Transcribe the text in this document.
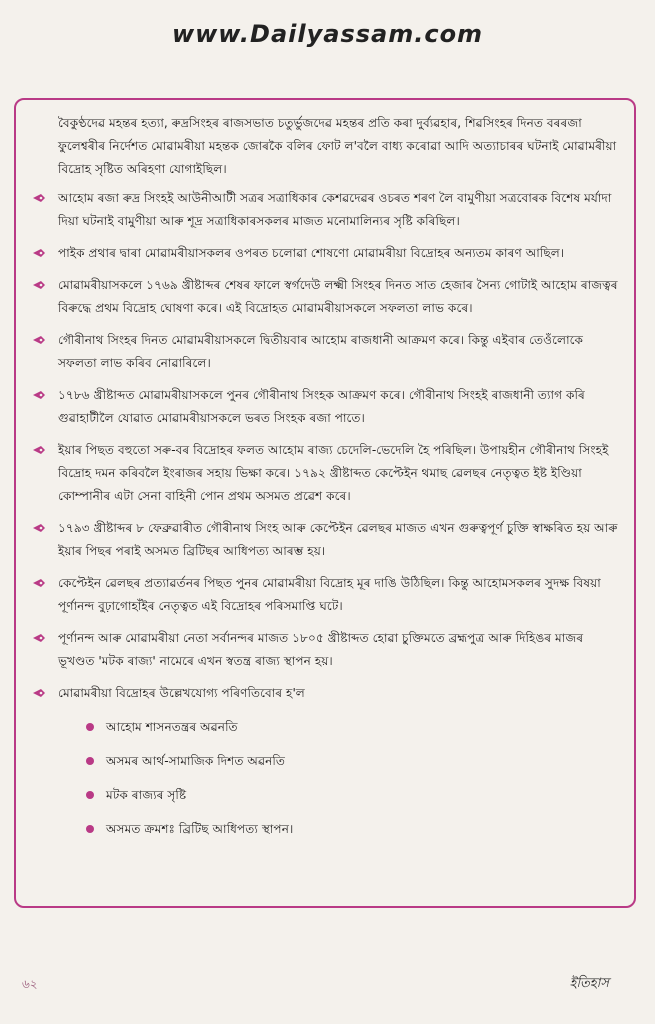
www.Dailyassam.com

বৈকুণ্ঠদেৱ মহন্তৰ হত্যা, ৰুদ্ৰসিংহৰ ৰাজসভাত চতুৰ্ভুজদেৱ মহন্তৰ প্ৰতি কৰা দুৰ্ব্যৱহাৰ, শিৱসিংহৰ দিনত বৰৰজা ফুলেশ্বৰীৰ নিৰ্দেশত মোৱামৰীয়া মহন্তক জোৰকৈ বলিৰ ফোট ল'বলৈ বাধ্য কৰোৱা আদি অত্যাচাৰৰ ঘটনাই মোৱামৰীয়া বিদ্ৰোহ সৃষ্টিত অৰিহণা যোগাইছিল।

আহোম ৰজা ৰুদ্ৰ সিংহই আউনীআটী সত্ৰৰ সত্ৰাধিকাৰ কেশৱদেৱৰ ওচৰত শৰণ লৈ বামুণীয়া সত্ৰবোৰক বিশেষ মৰ্যাদা দিয়া ঘটনাই বামুণীয়া আৰু শূদ্ৰ সত্ৰাধিকাৰসকলৰ মাজত মনোমালিন্যৰ সৃষ্টি কৰিছিল।
পাইক প্ৰথাৰ দ্বাৰা মোৱামৰীয়াসকলৰ ওপৰত চলোৱা শোষণো মোৱামৰীয়া বিদ্ৰোহৰ অন্যতম কাৰণ আছিল।
মোৱামৰীয়াসকলে ১৭৬৯ খ্ৰীষ্টাব্দৰ শেষৰ ফালে স্বৰ্গদেউ লক্ষ্মী সিংহৰ দিনত সাত হেজাৰ সৈন্য গোটাই আহোম ৰাজত্বৰ বিৰুদ্ধে প্ৰথম বিদ্ৰোহ ঘোষণা কৰে। এই বিদ্ৰোহত মোৱামৰীয়াসকলে সফলতা লাভ কৰে।
গৌৰীনাথ সিংহৰ দিনত মোৱামৰীয়াসকলে দ্বিতীয়বাৰ আহোম ৰাজধানী আক্ৰমণ কৰে। কিন্তু এইবাৰ তেওঁলোকে সফলতা লাভ কৰিব নোৱাৰিলে।
১৭৮৬ খ্ৰীষ্টাব্দত মোৱামৰীয়াসকলে পুনৰ গৌৰীনাথ সিংহক আক্ৰমণ কৰে। গৌৰীনাথ সিংহই ৰাজধানী ত্যাগ কৰি গুৱাহাটীলৈ যোৱাত মোৱামৰীয়াসকলে ভৰত সিংহক ৰজা পাতে।
ইয়াৰ পিছত বহুতো সৰু-বৰ বিদ্ৰোহৰ ফলত আহোম ৰাজ্য চেদেলি-ভেদেলি হৈ পৰিছিল। উপায়হীন গৌৰীনাথ সিংহই বিদ্ৰোহ দমন কৰিবলৈ ইংৰাজৰ সহায় ভিক্ষা কৰে। ১৭৯২ খ্ৰীষ্টাব্দত কেপ্টেইন থমাছ ৱেলছৰ নেতৃত্বত ইষ্ট ইণ্ডিয়া কোম্পানীৰ এটা সেনা বাহিনী পোন প্ৰথম অসমত প্ৰৱেশ কৰে।
১৭৯৩ খ্ৰীষ্টাব্দৰ ৮ ফেব্ৰুৱাৰীত গৌৰীনাথ সিংহ আৰু কেপ্টেইন ৱেলছৰ মাজত এখন গুৰুত্বপূৰ্ণ চুক্তি স্বাক্ষৰিত হয় আৰু ইয়াৰ পিছৰ পৰাই অসমত ব্ৰিটিছৰ আধিপত্য আৰম্ভ হয়।
কেপ্টেইন ৱেলছৰ প্ৰত্যাৱৰ্তনৰ পিছত পুনৰ মোৱামৰীয়া বিদ্ৰোহ মূৰ দাঙি উঠিছিল। কিন্তু আহোমসকলৰ সুদক্ষ বিষয়া পূৰ্ণানন্দ বুঢ়াগোহাঁইৰ নেতৃত্বত এই বিদ্ৰোহৰ পৰিসমাপ্তি ঘটে।
পূৰ্ণানন্দ আৰু মোৱামৰীয়া নেতা সৰ্বানন্দৰ মাজত ১৮০৫ খ্ৰীষ্টাব্দত হোৱা চুক্তিমতে ব্ৰহ্মপুত্ৰ আৰু দিহিঙৰ মাজৰ ভূখণ্ডত 'মটক ৰাজ্য' নামেৰে এখন স্বতন্ত্ৰ ৰাজ্য স্থাপন হয়।
মোৱামৰীয়া বিদ্ৰোহৰ উল্লেখযোগ্য পৰিণতিবোৰ হ'ল
আহোম শাসনতন্ত্ৰৰ অৱনতি
অসমৰ আৰ্থ-সামাজিক দিশত অৱনতি
মটক ৰাজ্যৰ সৃষ্টি
অসমত ক্ৰমশঃ ব্ৰিটিছ আধিপত্য স্থাপন।
৬২	ইতিহাস
